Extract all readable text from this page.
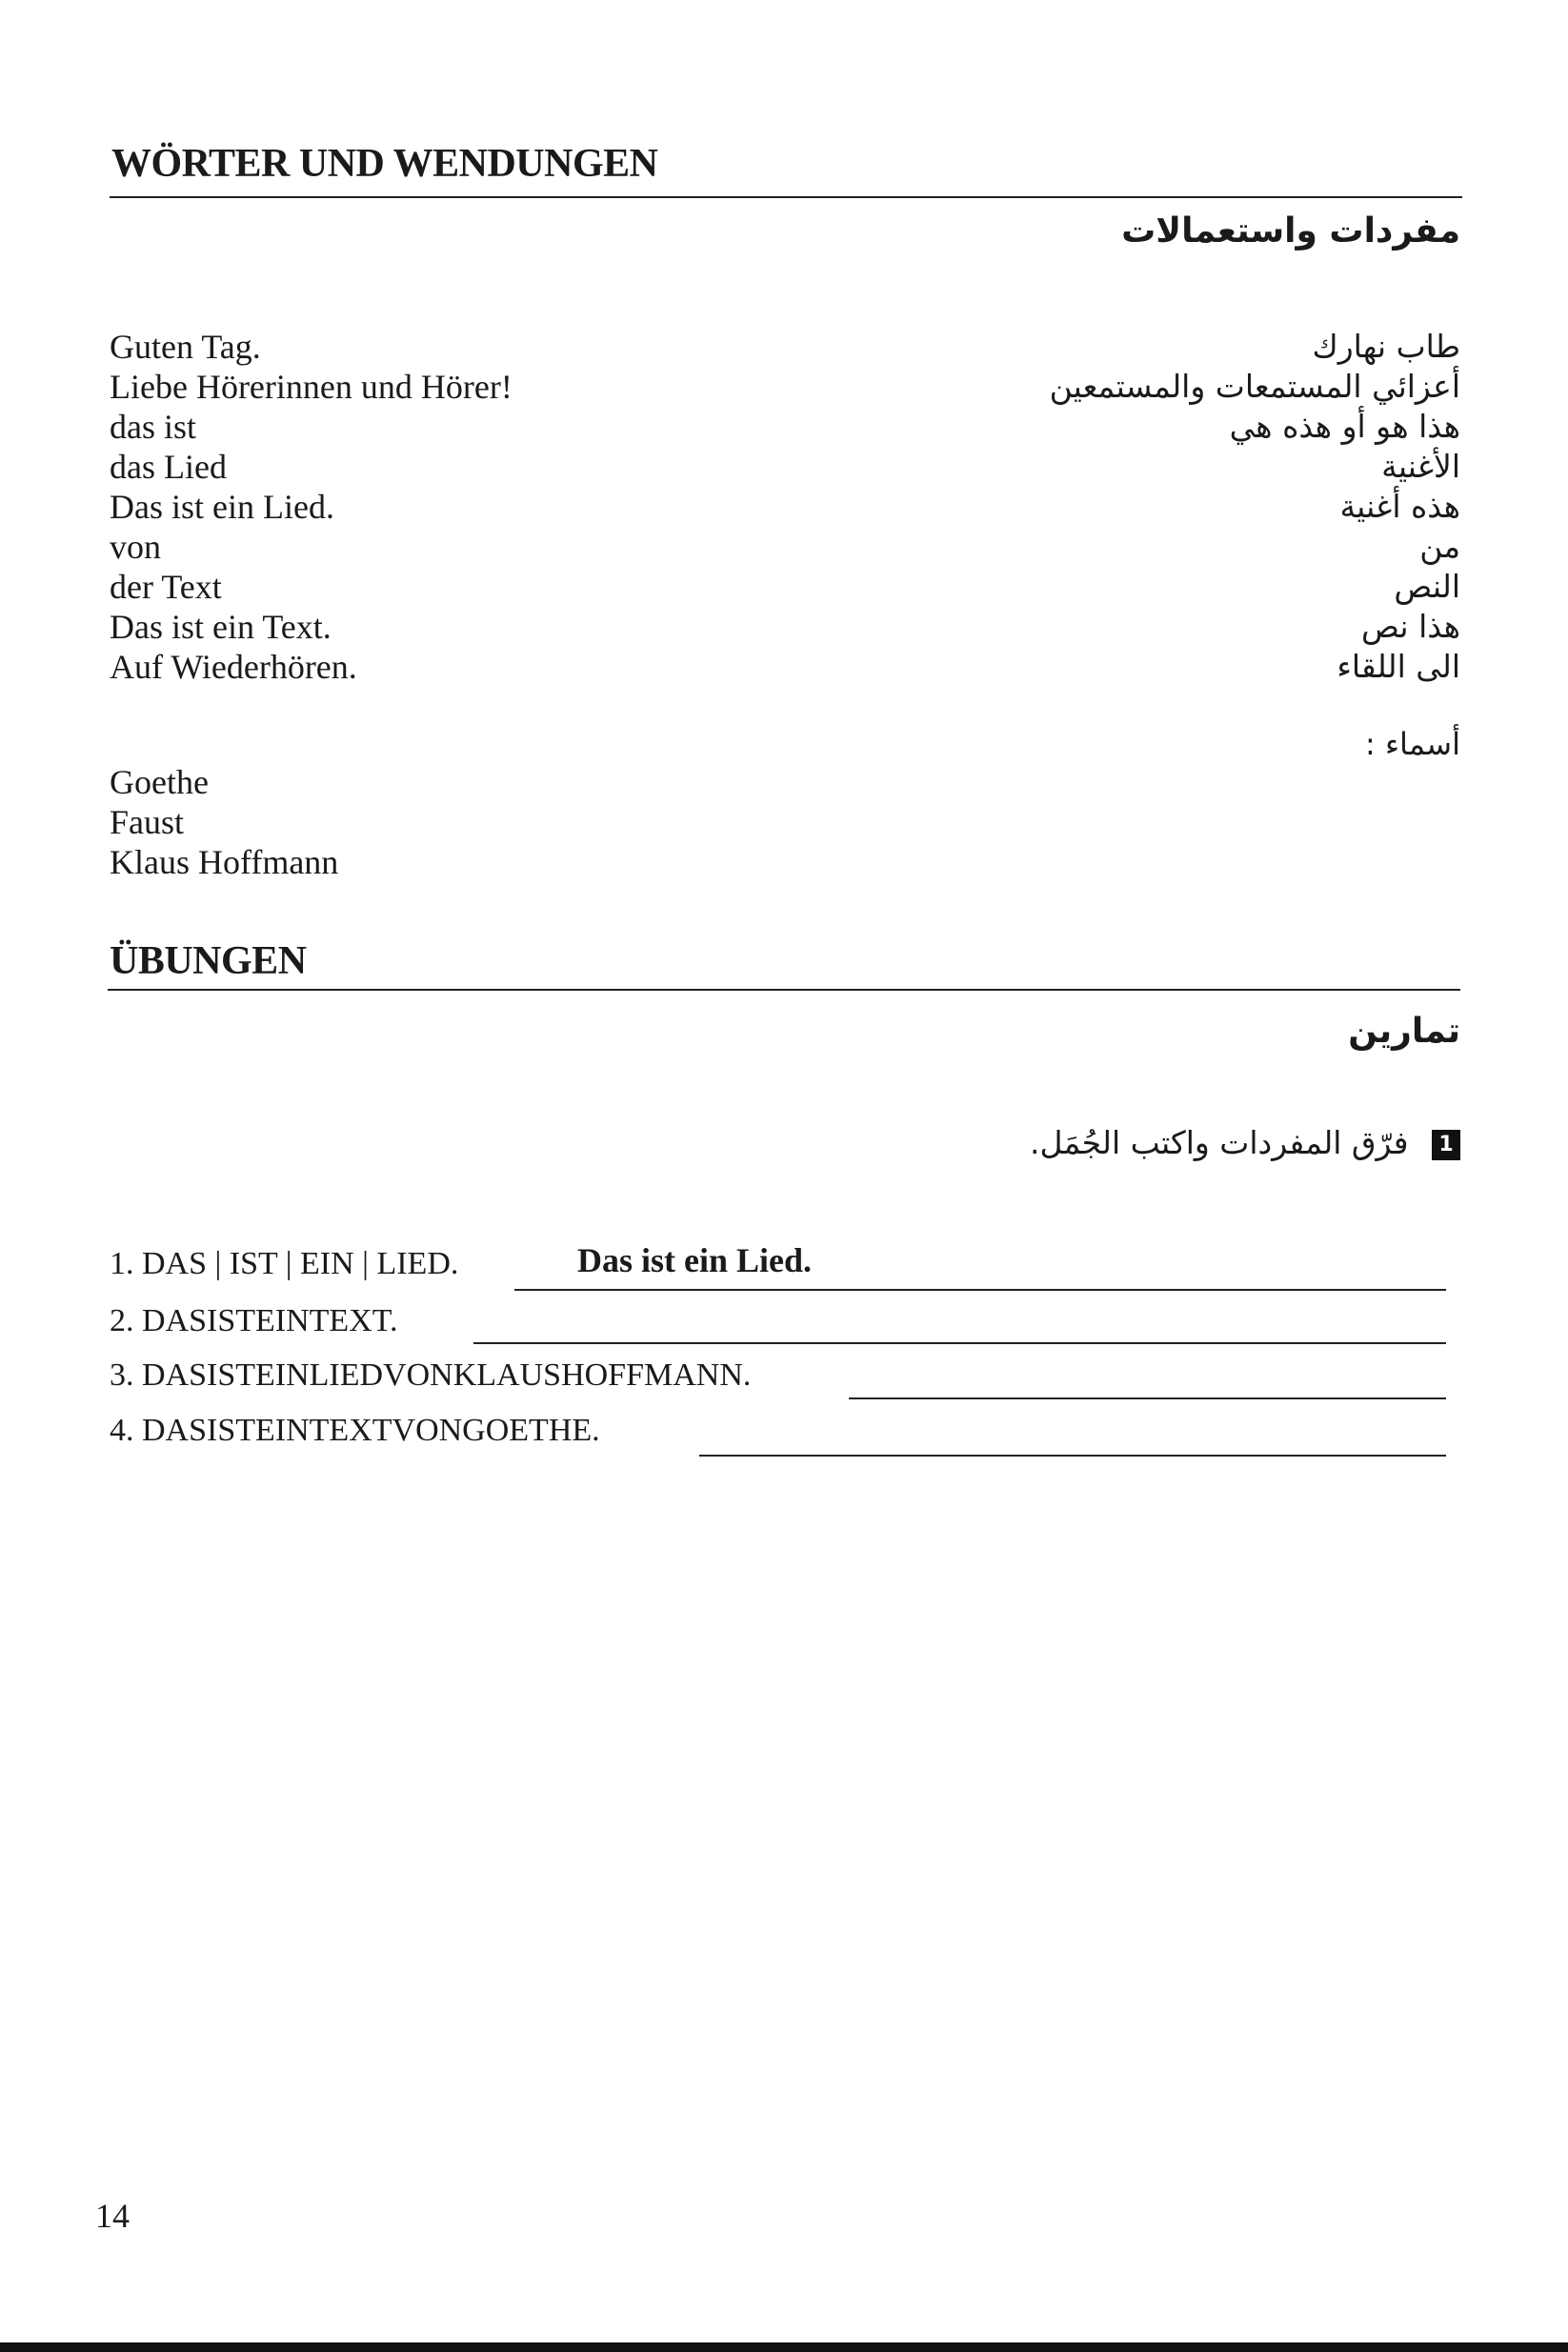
WÖRTER UND WENDUNGEN
مفردات واستعمالات
Guten Tag.
Liebe Hörerinnen und Hörer!
das ist
das Lied
Das ist ein Lied.
von
der Text
Das ist ein Text.
Auf Wiederhören.
طاب نهارك
أعزائي المستمعات والمستمعين
هذا هو أو هذه هي
الأغنية
هذه أغنية
من
النص
هذا نص
الى اللقاء
أسماء :
Goethe
Faust
Klaus Hoffmann
ÜBUNGEN
تمارين
1 فرّق المفردات واكتب الجُمَل.
1. DAS | IST | EIN | LIED.	Das ist ein Lied.
2. DASISTEINTEXT.
3. DASISTEINLIEDVONKLAUSHOFFMANN.
4. DASISTEINTEXTVONGOETHE.
14
